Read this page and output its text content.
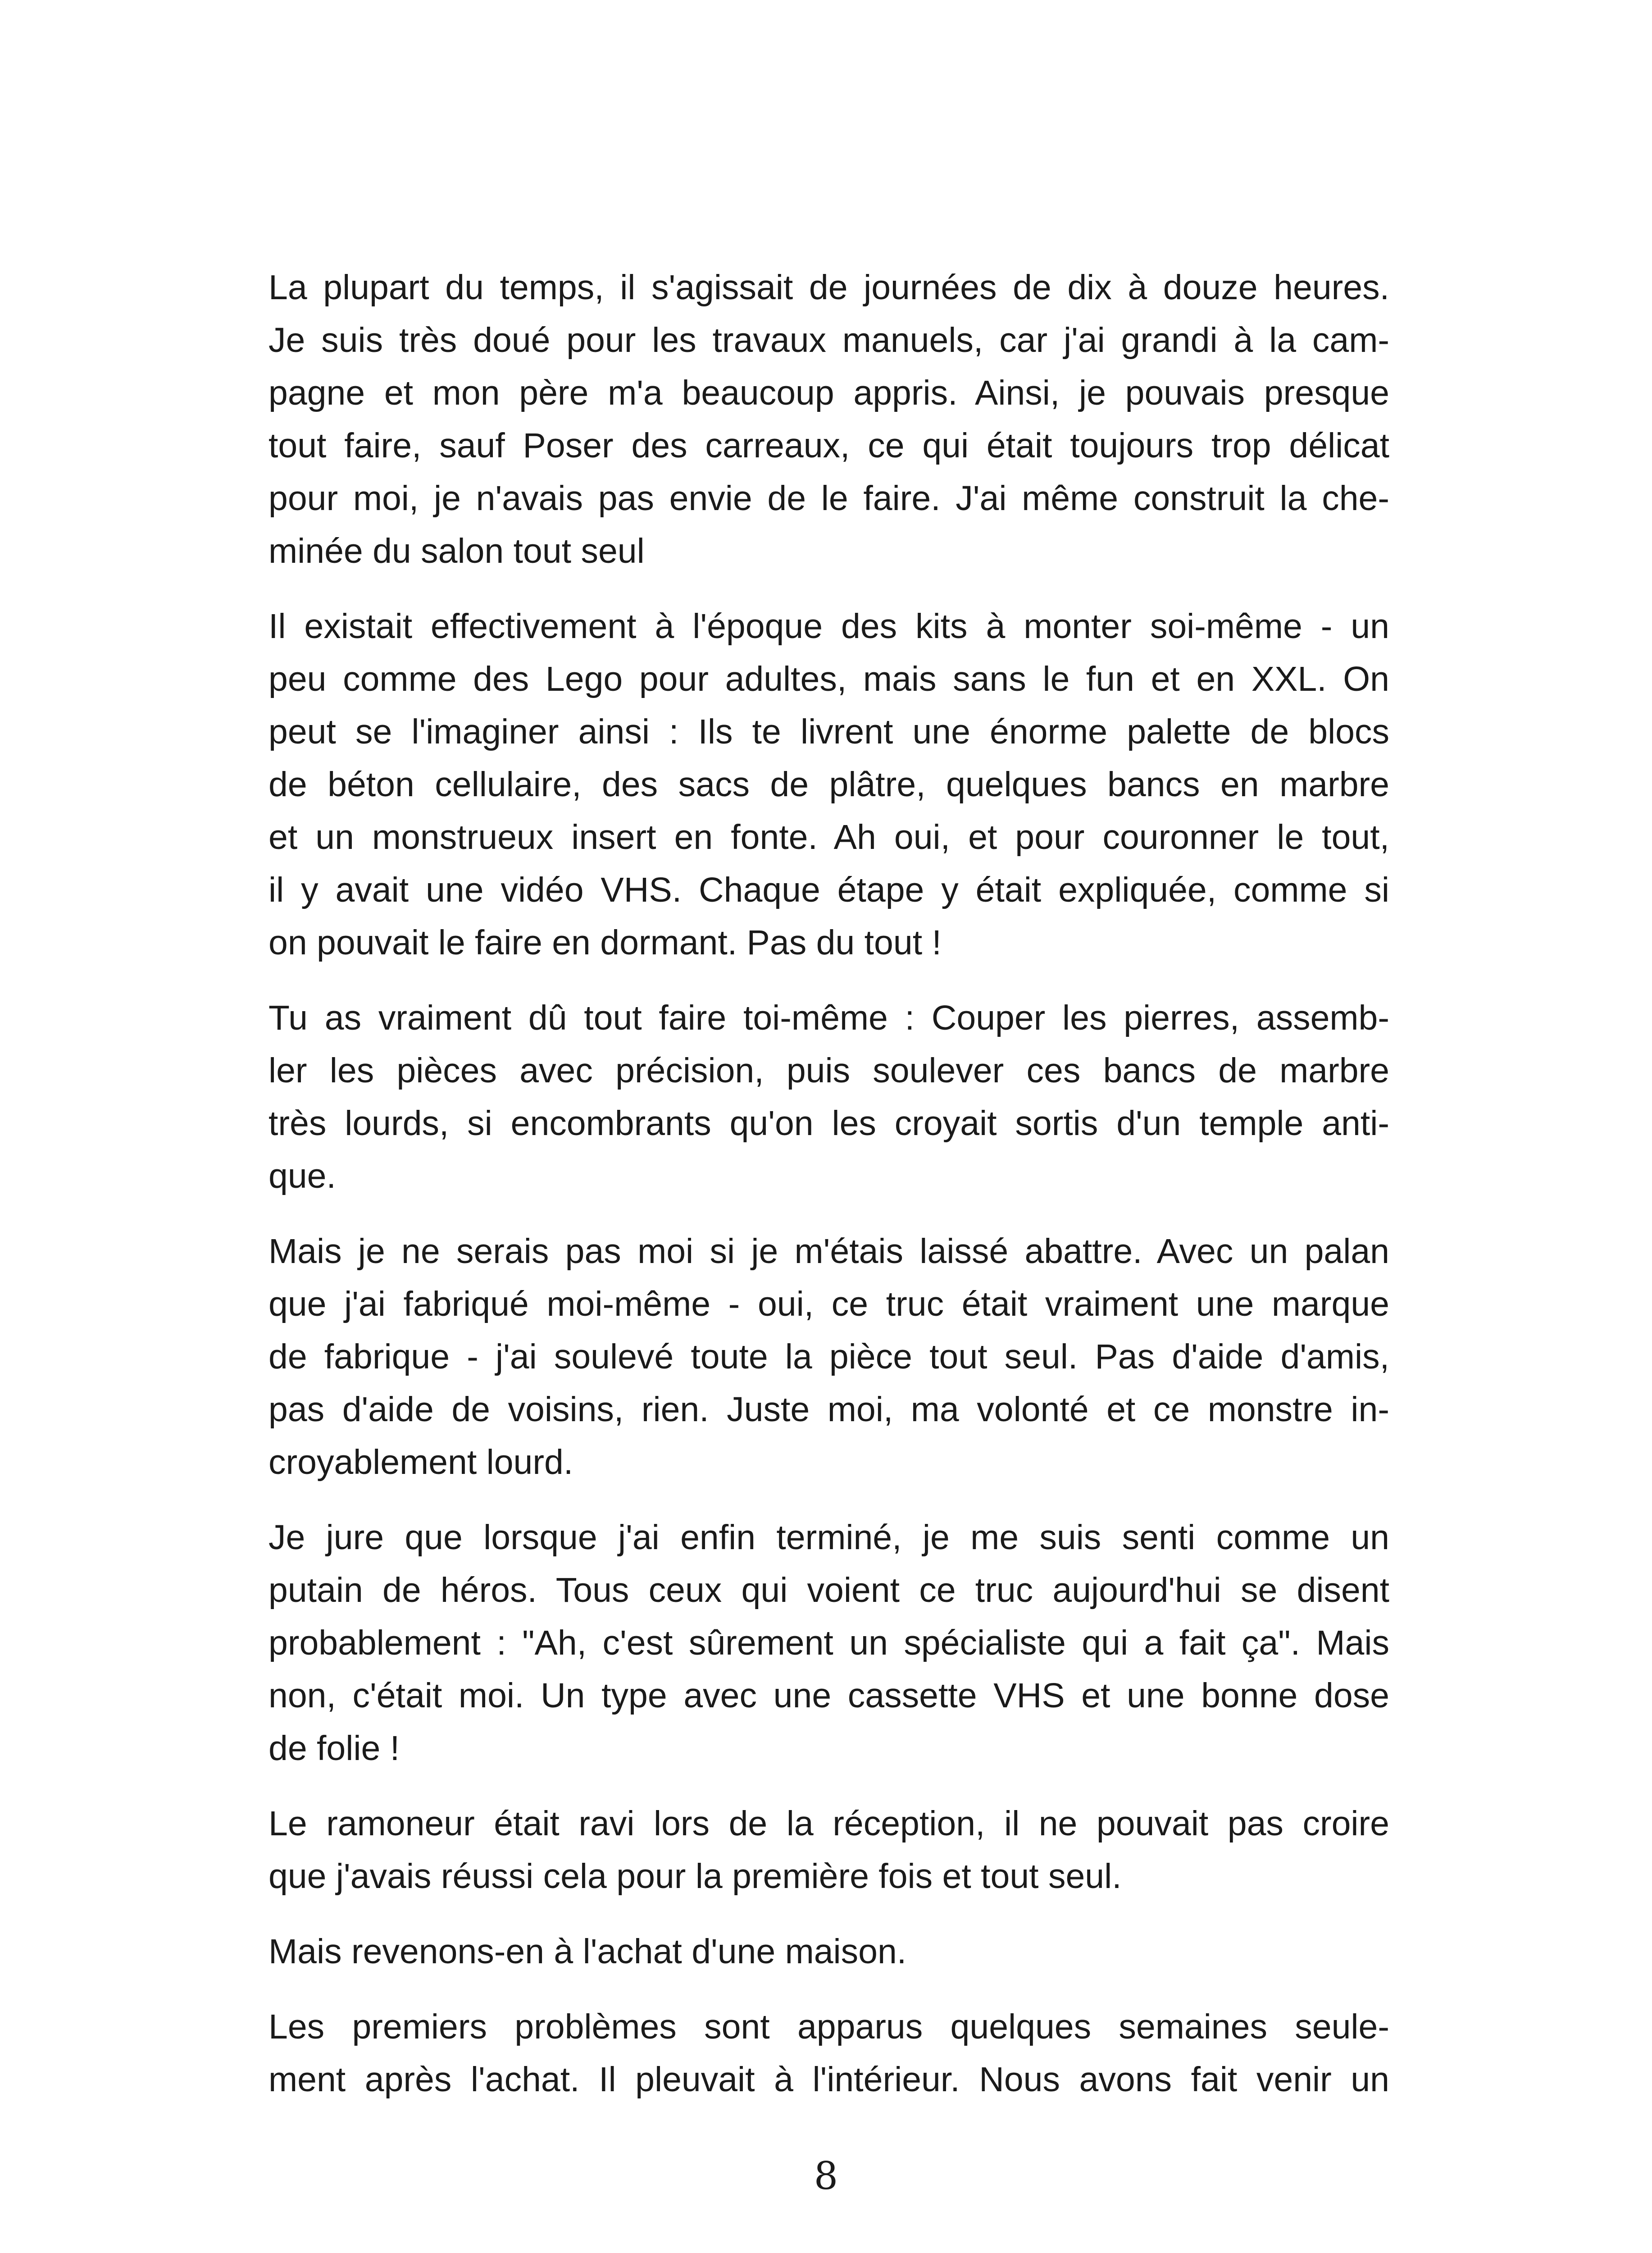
La plupart du temps, il s'agissait de journées de dix à douze heures.
Je suis très doué pour les travaux manuels, car j'ai grandi à la cam-
pagne et mon père m'a beaucoup appris. Ainsi, je pouvais presque
tout faire, sauf Poser des carreaux, ce qui était toujours trop délicat
pour moi, je n'avais pas envie de le faire. J'ai même construit la che-
minée du salon tout seul
Il existait effectivement à l'époque des kits à monter soi-même - un
peu comme des Lego pour adultes, mais sans le fun et en XXL. On
peut se l'imaginer ainsi : Ils te livrent une énorme palette de blocs
de béton cellulaire, des sacs de plâtre, quelques bancs en marbre
et un monstrueux insert en fonte. Ah oui, et pour couronner le tout,
il y avait une vidéo VHS. Chaque étape y était expliquée, comme si
on pouvait le faire en dormant. Pas du tout !
Tu as vraiment dû tout faire toi-même : Couper les pierres, assemb-
ler les pièces avec précision, puis soulever ces bancs de marbre
très lourds, si encombrants qu'on les croyait sortis d'un temple anti-
que.
Mais je ne serais pas moi si je m'étais laissé abattre. Avec un palan
que j'ai fabriqué moi-même - oui, ce truc était vraiment une marque
de fabrique - j'ai soulevé toute la pièce tout seul. Pas d'aide d'amis,
pas d'aide de voisins, rien. Juste moi, ma volonté et ce monstre in-
croyablement lourd.
Je jure que lorsque j'ai enfin terminé, je me suis senti comme un
putain de héros. Tous ceux qui voient ce truc aujourd'hui se disent
probablement : "Ah, c'est sûrement un spécialiste qui a fait ça". Mais
non, c'était moi. Un type avec une cassette VHS et une bonne dose
de folie !
Le ramoneur était ravi lors de la réception, il ne pouvait pas croire
que j'avais réussi cela pour la première fois et tout seul.
Mais revenons-en à l'achat d'une maison.
Les premiers problèmes sont apparus quelques semaines seule-
ment après l'achat. Il pleuvait à l'intérieur. Nous avons fait venir un
8
